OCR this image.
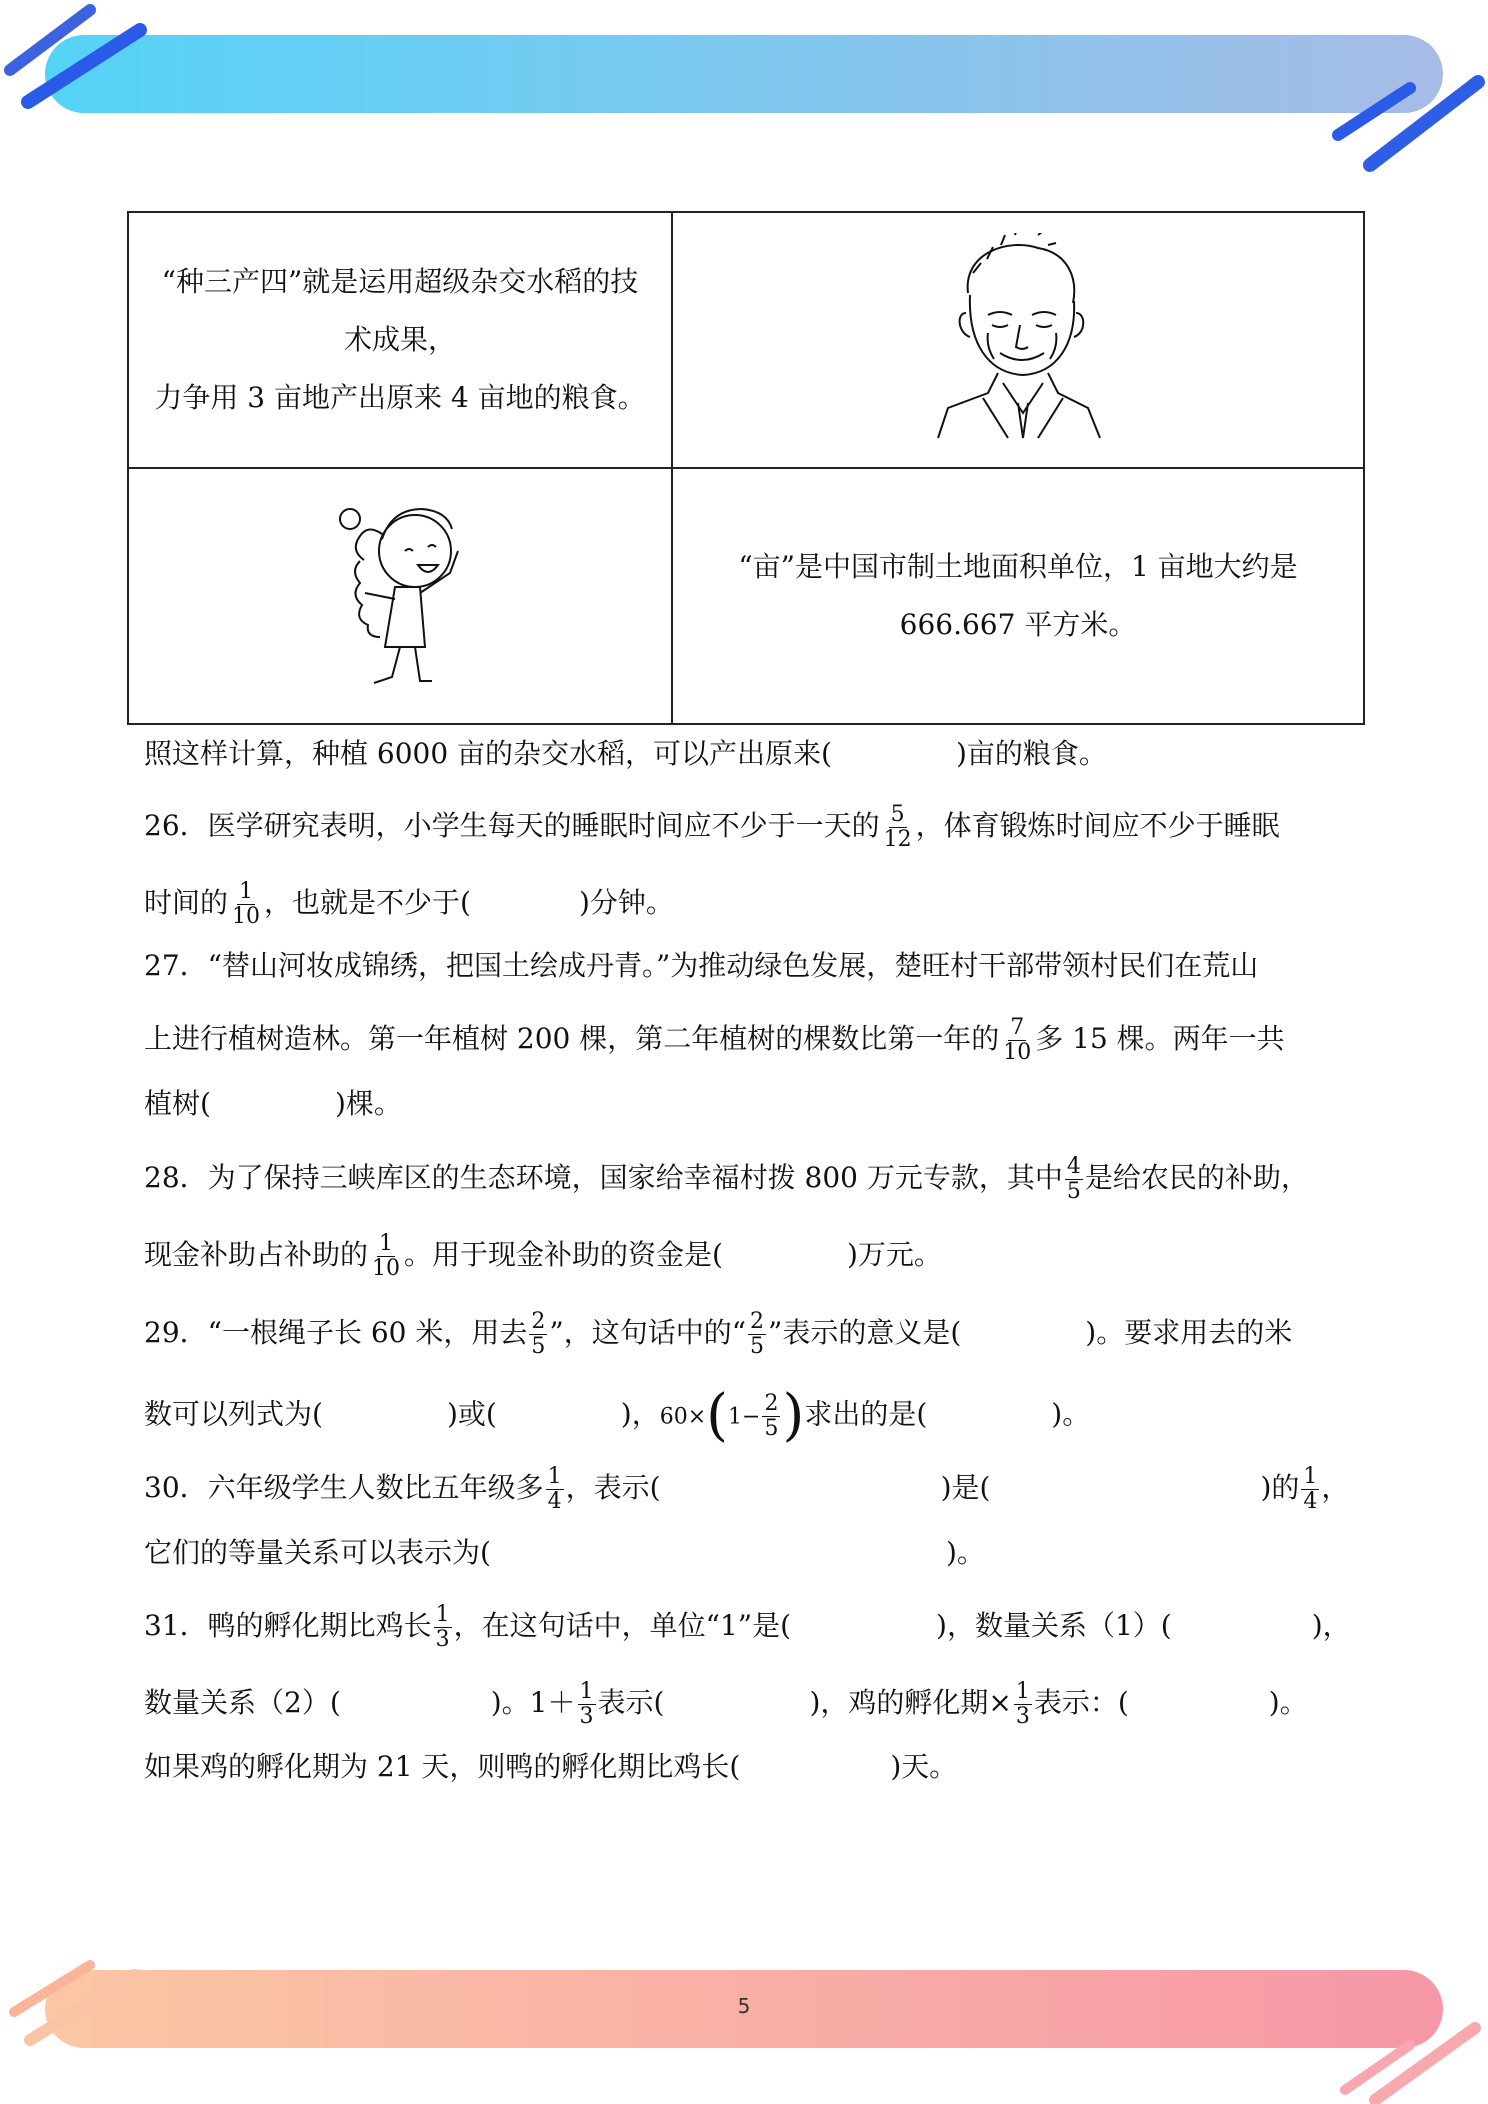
“种三产四”就是运用超级杂交水稻的技
术成果，
力争用 3 亩地产出原来 4 亩地的粮食。

“亩”是中国市制土地面积单位，1 亩地大约是
666.667 平方米。
照这样计算，种植 6000 亩的杂交水稻，可以产出原来(	)亩的粮食。
26．医学研究表明，小学生每天的睡眠时间应不少于一天的 $\frac{5}{12}$ ，体育锻炼时间应不少于睡眠
时间的 $\frac{1}{10}$ ，也就是不少于(	)分钟。
27．“替山河妆成锦绣，把国土绘成丹青。”为推动绿色发展，楚旺村干部带领村民们在荒山
上进行植树造林。第一年植树 200 棵，第二年植树的棵数比第一年的 $\frac{7}{10}$ 多 15 棵。两年一共
植树(	)棵。
28．为了保持三峡库区的生态环境，国家给幸福村拨 800 万元专款，其中 $\frac{4}{5}$ 是给农民的补助，
现金补助占补助的 $\frac{1}{10}$ 。用于现金补助的资金是(	)万元。
29．“一根绳子长 60 米，用去 $\frac{2}{5}$ ”，这句话中的“ $\frac{2}{5}$ ”表示的意义是(	)。要求用去的米
数可以列式为(	)或(	)，$60\times(1- \frac{2}{5}$ )求出的是(	)。
30．六年级学生人数比五年级多 $\frac{1}{4}$ ，表示(	)是(	)的 $\frac{1}{4}$ ，
它们的等量关系可以表示为(	)。
31．鸭的孵化期比鸡长 $\frac{1}{3}$ ，在这句话中，单位“1”是(	)，数量关系（1）(	)，
数量关系（2）(	)。$1+ \frac{1}{3}$ 表示(	)，鸡的孵化期× $\frac{1}{3}$ 表示：(	)。
如果鸡的孵化期为 21 天，则鸭的孵化期比鸡长(	)天。
5
